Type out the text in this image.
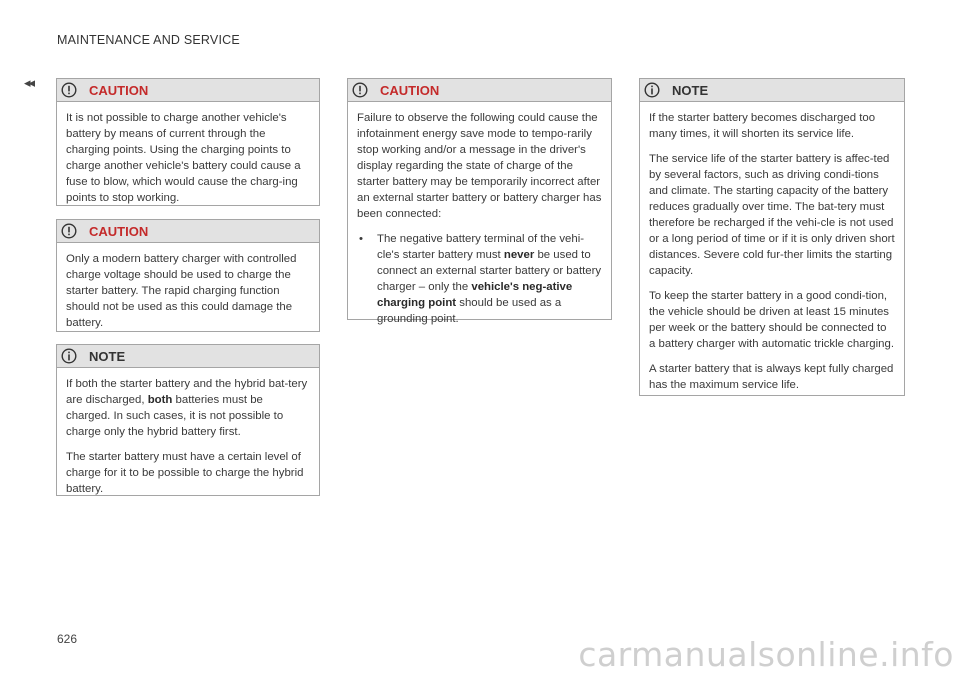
MAINTENANCE AND SERVICE
◂◂	CAUTION

It is not possible to charge another vehicle's battery by means of current through the charging points. Using the charging points to charge another vehicle's battery could cause a fuse to blow, which would cause the charg-ing points to stop working.

CAUTION

Only a modern battery charger with controlled charge voltage should be used to charge the starter battery. The rapid charging function should not be used as this could damage the battery.

NOTE

If both the starter battery and the hybrid bat-tery are discharged, both batteries must be charged. In such cases, it is not possible to charge only the hybrid battery first.

The starter battery must have a certain level of charge for it to be possible to charge the hybrid battery.

CAUTION

Failure to observe the following could cause the infotainment energy save mode to tempo-rarily stop working and/or a message in the driver's display regarding the state of charge of the starter battery may be temporarily incorrect after an external starter battery or battery charger has been connected:

•	The negative battery terminal of the vehi-cle's starter battery must never be used to connect an external starter battery or battery charger – only the vehicle's neg-ative charging point should be used as a grounding point.
NOTE

If the starter battery becomes discharged too many times, it will shorten its service life.

The service life of the starter battery is affec-ted by several factors, such as driving condi-tions and climate. The starting capacity of the battery reduces gradually over time. The bat-tery must therefore be recharged if the vehi-cle is not used or a long period of time or if it is only driven short distances. Severe cold fur-ther limits the starting capacity.

To keep the starter battery in a good condi-tion, the vehicle should be driven at least 15 minutes per week or the battery should be connected to a battery charger with automatic trickle charging.

A starter battery that is always kept fully charged has the maximum service life.

626	carmanualsonline.info
